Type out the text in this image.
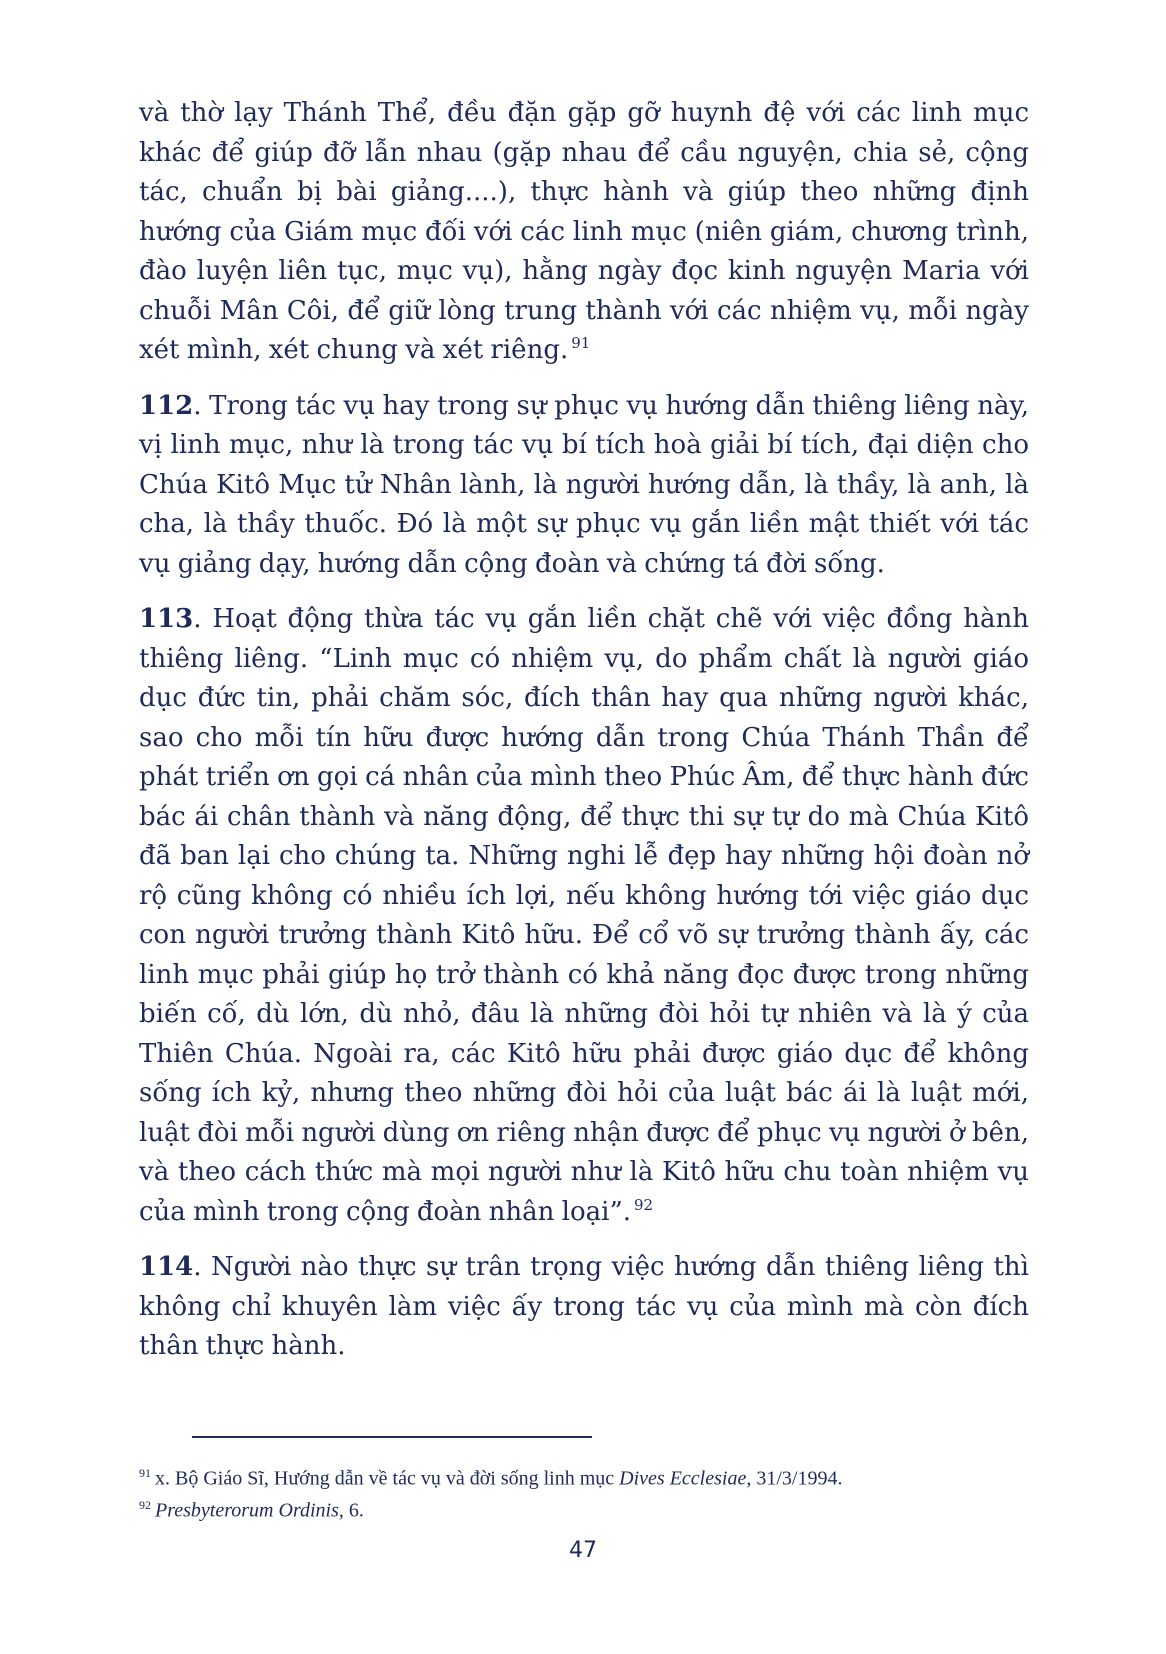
và thờ lạy Thánh Thể, đều đặn gặp gỡ huynh đệ với các linh mục khác để giúp đỡ lẫn nhau (gặp nhau để cầu nguyện, chia sẻ, cộng tác, chuẩn bị bài giảng....), thực hành và giúp theo những định hướng của Giám mục đối với các linh mục (niên giám, chương trình, đào luyện liên tục, mục vụ), hằng ngày đọc kinh nguyện Maria với chuỗi Mân Côi, để giữ lòng trung thành với các nhiệm vụ, mỗi ngày xét mình, xét chung và xét riêng. $^{91}$

112. Trong tác vụ hay trong sự phục vụ hướng dẫn thiêng liêng này, vị linh mục, như là trong tác vụ bí tích hoà giải bí tích, đại diện cho Chúa Kitô Mục tử Nhân lành, là người hướng dẫn, là thầy, là anh, là cha, là thầy thuốc. Đó là một sự phục vụ gắn liền mật thiết với tác vụ giảng dạy, hướng dẫn cộng đoàn và chứng tá đời sống.

113. Hoạt động thừa tác vụ gắn liền chặt chẽ với việc đồng hành thiêng liêng. “Linh mục có nhiệm vụ, do phẩm chất là người giáo dục đức tin, phải chăm sóc, đích thân hay qua những người khác, sao cho mỗi tín hữu được hướng dẫn trong Chúa Thánh Thần để phát triển ơn gọi cá nhân của mình theo Phúc Âm, để thực hành đức bác ái chân thành và năng động, để thực thi sự tự do mà Chúa Kitô đã ban lại cho chúng ta. Những nghi lễ đẹp hay những hội đoàn nở rộ cũng không có nhiều ích lợi, nếu không hướng tới việc giáo dục con người trưởng thành Kitô hữu. Để cổ võ sự trưởng thành ấy, các linh mục phải giúp họ trở thành có khả năng đọc được trong những biến cố, dù lớn, dù nhỏ, đâu là những đòi hỏi tự nhiên và là ý của Thiên Chúa. Ngoài ra, các Kitô hữu phải được giáo dục để không sống ích kỷ, nhưng theo những đòi hỏi của luật bác ái là luật mới, luật đòi mỗi người dùng ơn riêng nhận được để phục vụ người ở bên, và theo cách thức mà mọi người như là Kitô hữu chu toàn nhiệm vụ của mình trong cộng đoàn nhân loại”. $^{92}$

114. Người nào thực sự trân trọng việc hướng dẫn thiêng liêng thì không chỉ khuyên làm việc ấy trong tác vụ của mình mà còn đích thân thực hành.

$^{91}$ x. Bộ Giáo Sĩ, Hướng dẫn về tác vụ và đời sống linh mục Dives Ecclesiae, 31/3/1994.

$^{92}$ Presbyterorum Ordinis, 6.

47
